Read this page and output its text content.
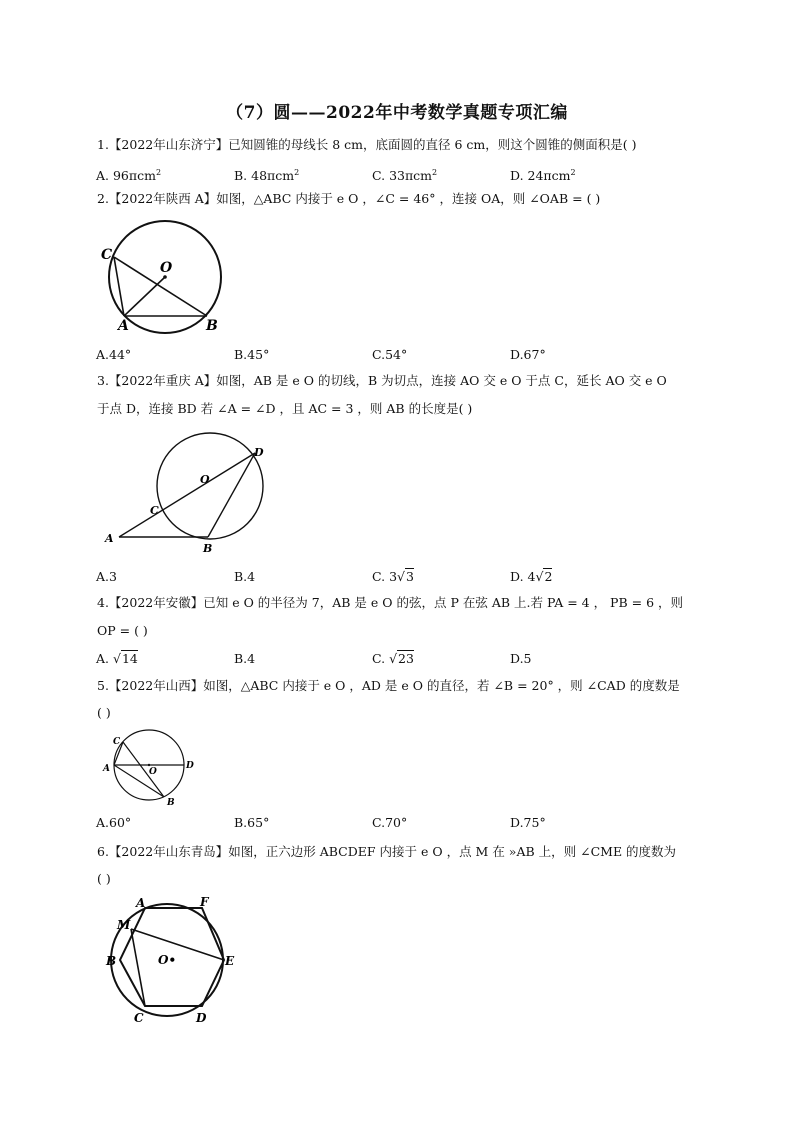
（7）圆——2022年中考数学真题专项汇编
1.【2022年山东济宁】已知圆锥的母线长 8 cm，底面圆的直径 6 cm，则这个圆锥的侧面积是( )
A. 96πcm$^2$	B. 48πcm$^2$	C. 33πcm$^2$	D. 24πcm$^2$
2.【2022年陕西 A】如图，△ABC 内接于 e O ，∠C = 46° ，连接 OA，则 ∠OAB = ( )
C
O
A	B
A.44°	B.45°	C.54°	D.67°
3.【2022年重庆 A】如图，AB 是 e O 的切线，B 为切点，连接 AO 交 e O 于点 C，延长 AO 交 e O
于点 D，连接 BD 若 ∠A = ∠D ，且 AC = 3 ，则 AB 的长度是( )
D
O
C
A
B
A.3	B.4	C. 3√3	D. 4√2
4.【2022年安徽】已知 e O 的半径为 7，AB 是 e O 的弦，点 P 在弦 AB 上.若 PA = 4 ， PB = 6 ，则
OP = ( )
A. √14	B.4	C. √23	D.5
5.【2022年山西】如图，△ABC 内接于 e O ，AD 是 e O 的直径，若 ∠B = 20° ，则 ∠CAD 的度数是
( )
C
A	O
D
B
A.60°	B.65°	C.70°	D.75°
6.【2022年山东青岛】如图，正六边形 ABCDEF 内接于 e O ，点 M 在 »AB 上，则 ∠CME 的度数为
( )
A	F
M
B	O•	E
C	D
